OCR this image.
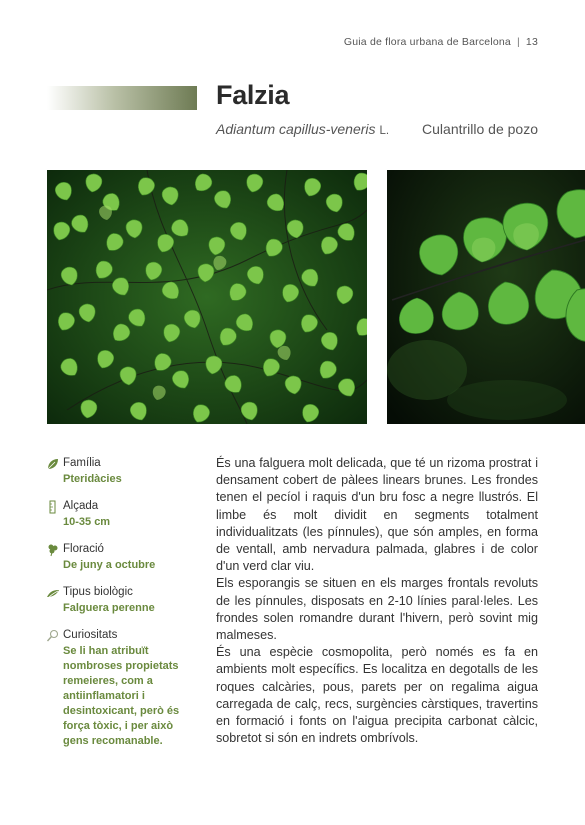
Guia de flora urbana de Barcelona | 13
Falzia
Adiantum capillus-veneris L. Culantrillo de pozo
Família
Pteridàcies
Alçada
10-35 cm
Floració
De juny a octubre
Tipus biològic
Falguera perenne
Curiositats
Se li han atribuït nombroses propietats remeieres, com a antiinflamatori i desintoxicant, però és força tòxic, i per això gens recomanable.

És una falguera molt delicada, que té un rizoma prostrat i densament cobert de pàlees linears brunes. Les frondes tenen el pecíol i raquis d'un bru fosc a negre llustrós. El limbe és molt dividit en segments totalment individualitzats (les pínnules), que són amples, en forma de ventall, amb nervadura palmada, glabres i de color d'un verd clar viu.

Els esporangis se situen en els marges frontals revoluts de les pínnules, disposats en 2-10 línies paral·leles. Les frondes solen romandre durant l'hivern, però sovint mig malmeses.

És una espècie cosmopolita, però només es fa en ambients molt específics. Es localitza en degotalls de les roques calcàries, pous, parets per on regalima aigua carregada de calç, recs, surgències càrstiques, travertins en formació i fonts on l'aigua precipita carbonat càlcic, sobretot si són en indrets ombrívols.
